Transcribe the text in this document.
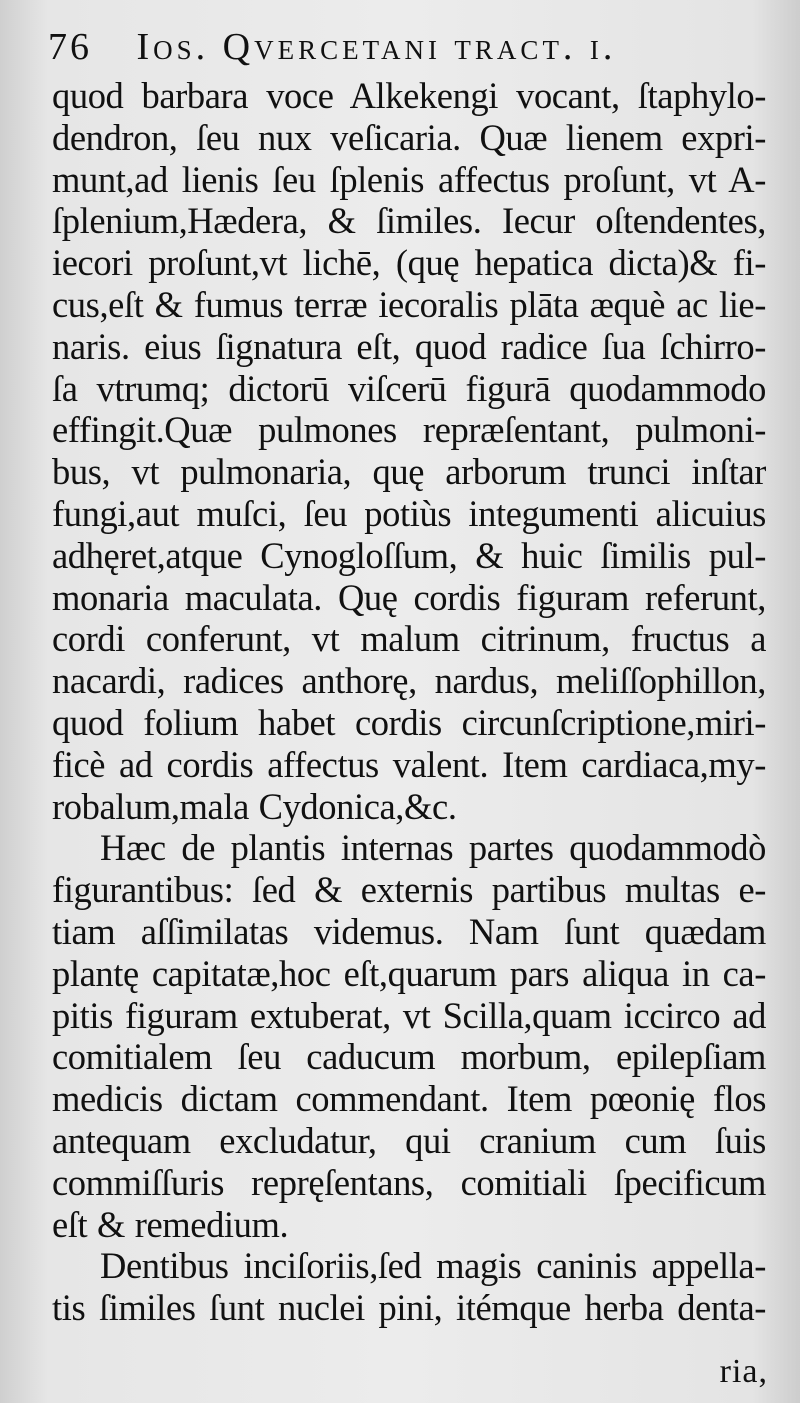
76 Ios. Qvercetani tract. i.
quod barbara voce Alkekengi vocant, ſtaphylo-
dendron, ſeu nux veſicaria. Quæ lienem expri-
munt,ad lienis ſeu ſplenis affectus proſunt, vt A-
ſplenium,Hædera, & ſimiles. Iecur oſtendentes,
iecori proſunt,vt lichē, (quę hepatica dicta)& fi-
cus,eſt & fumus terræ iecoralis plāta æquè ac lie-
naris. eius ſignatura eſt, quod radice ſua ſchirro-
ſa vtrumq; dictorū viſcerū figurā quodammodo
effingit.Quæ pulmones repræſentant, pulmoni-
bus, vt pulmonaria, quę arborum trunci inſtar
fungi,aut muſci, ſeu potiùs integumenti alicuius
adhęret,atque Cynogloſſum, & huic ſimilis pul-
monaria maculata. Quę cordis figuram referunt,
cordi conferunt, vt malum citrinum, fructus a
nacardi, radices anthorę, nardus, meliſſophillon,
quod folium habet cordis circunſcriptione,miri-
ficè ad cordis affectus valent. Item cardiaca,my-
robalum,mala Cydonica,&c.
Hæc de plantis internas partes quodammodò
figurantibus: ſed & externis partibus multas e-
tiam aſſimilatas videmus. Nam ſunt quædam
plantę capitatæ,hoc eſt,quarum pars aliqua in ca-
pitis figuram extuberat, vt Scilla,quam iccirco ad
comitialem ſeu caducum morbum, epilepſiam
medicis dictam commendant. Item pœonię flos
antequam excludatur, qui cranium cum ſuis
commiſſuris repręſentans, comitiali ſpecificum
eſt & remedium.
Dentibus inciſoriis,ſed magis caninis appella-
tis ſimiles ſunt nuclei pini, itémque herba denta-
ria,
